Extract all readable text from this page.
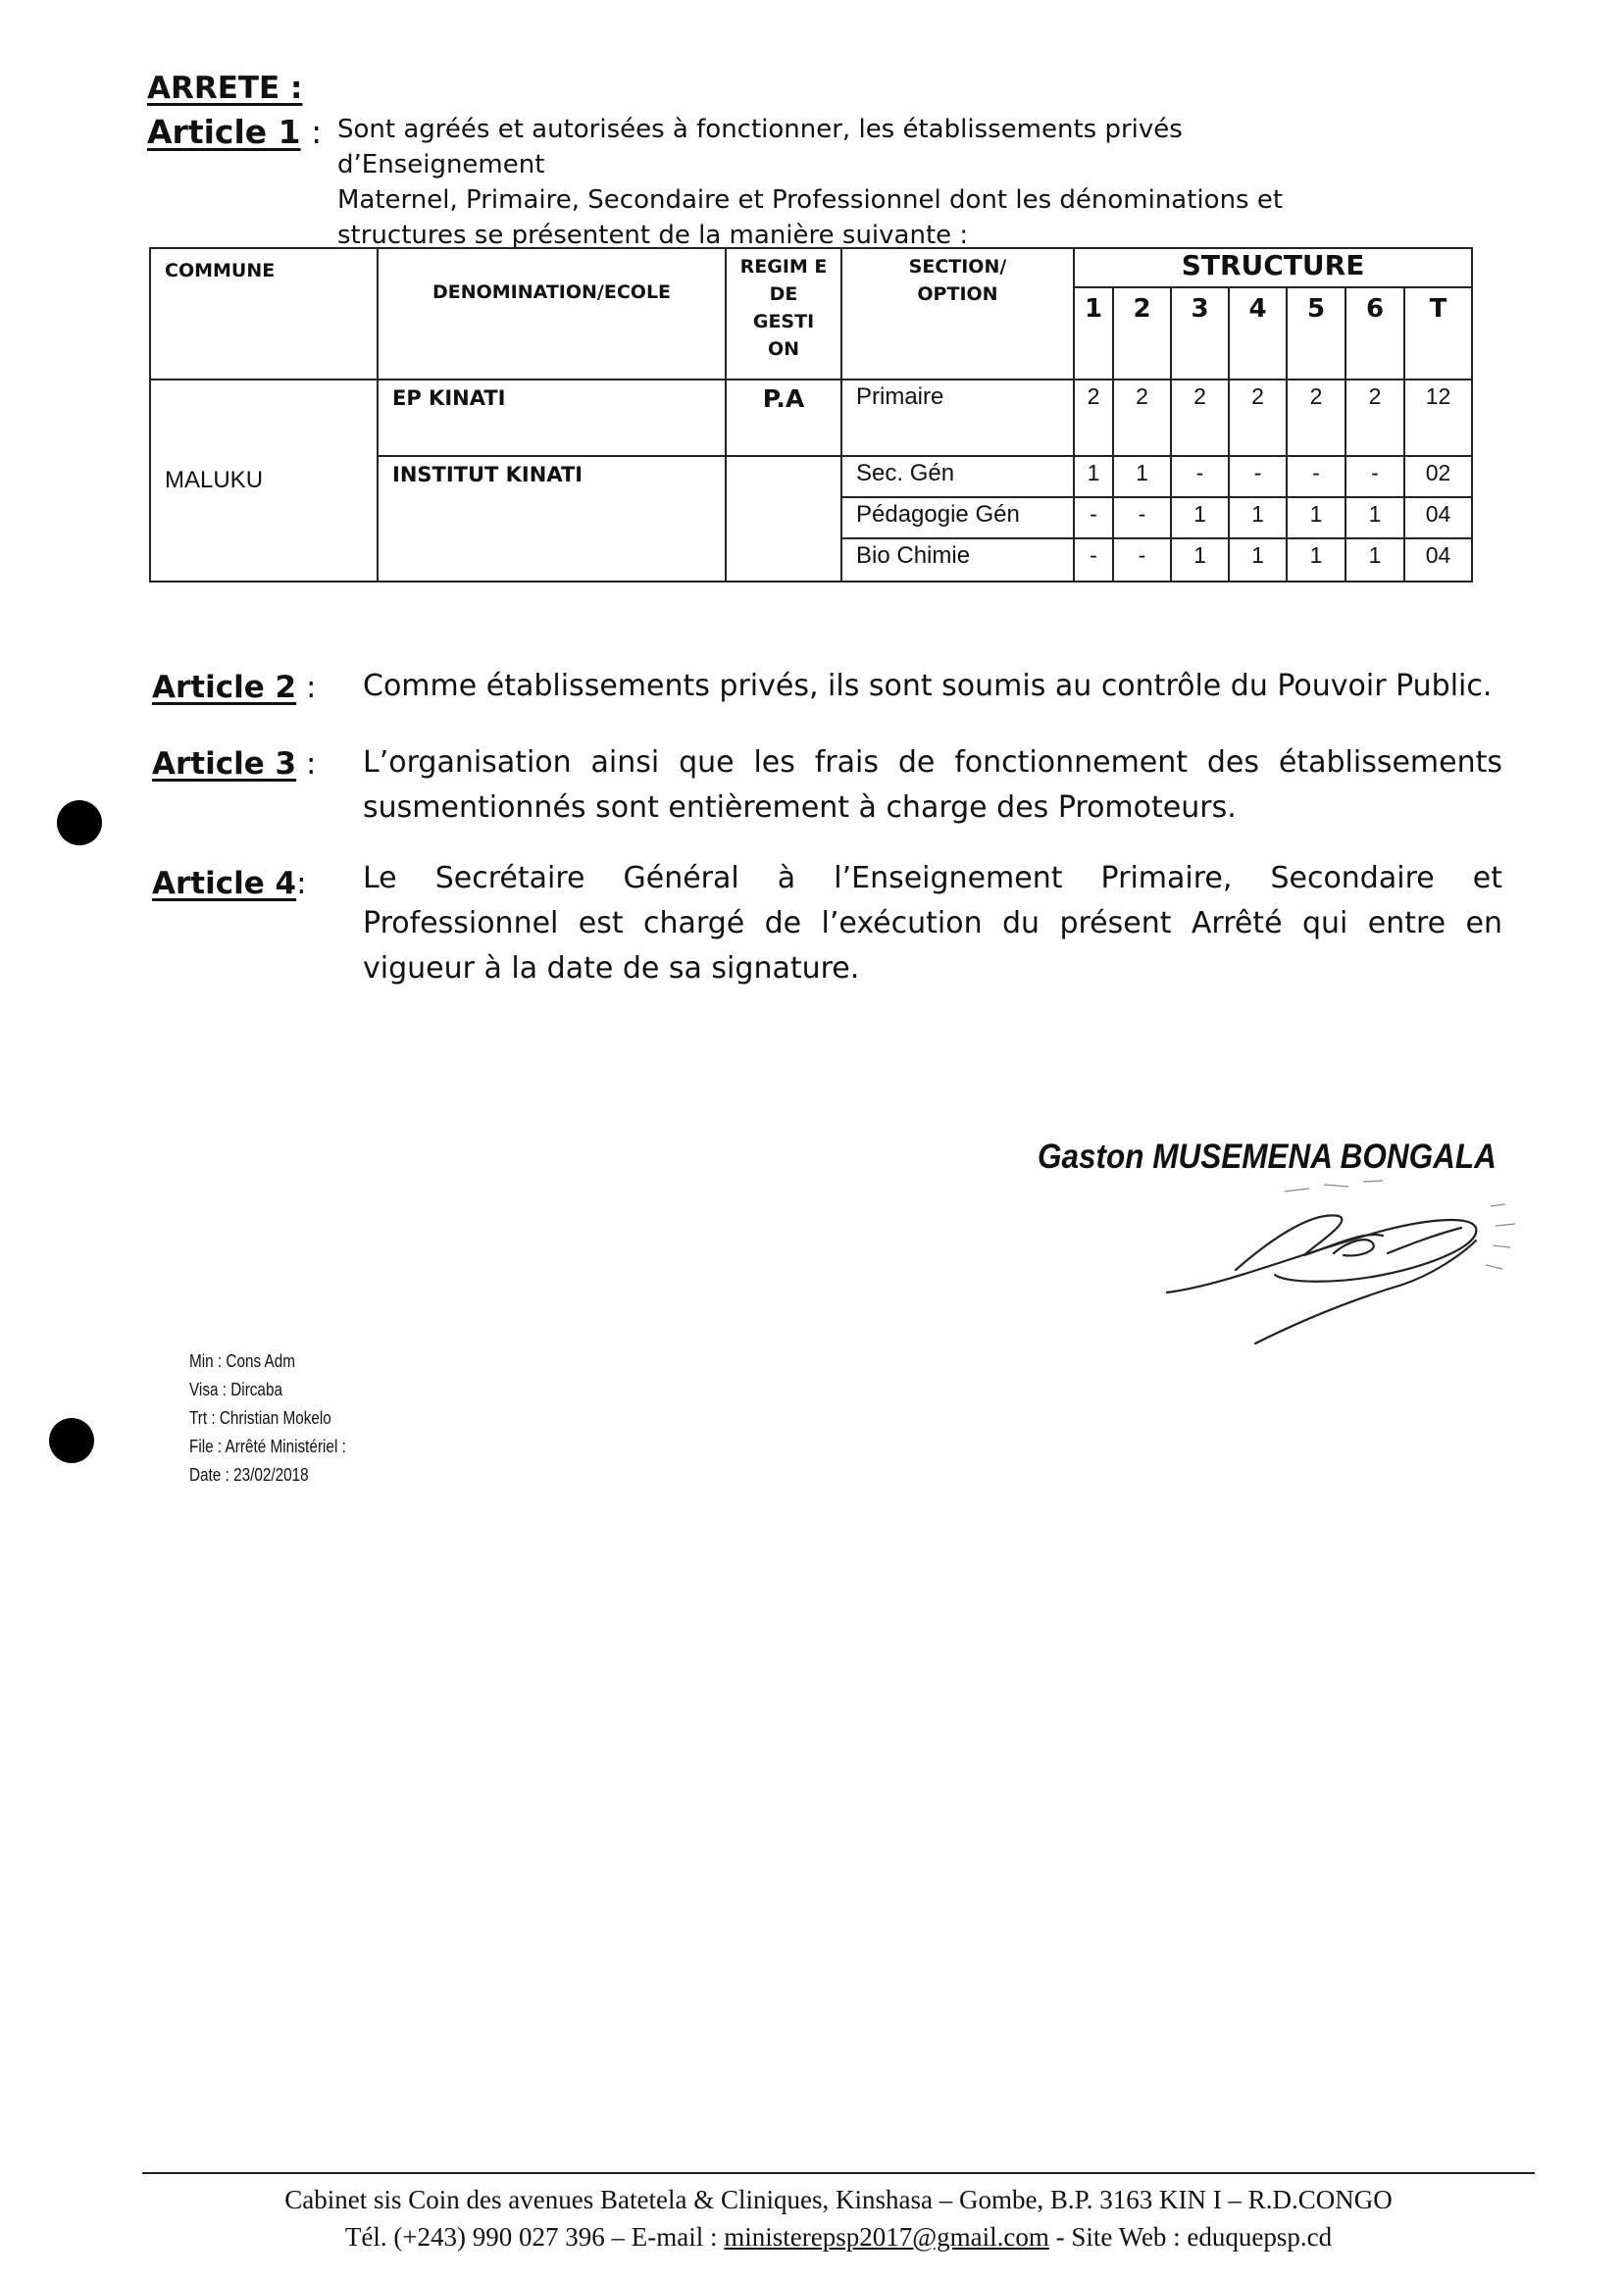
ARRETE :
Article 1 : Sont agréés et autorisées à fonctionner, les établissements privés d’Enseignement
Maternel, Primaire, Secondaire et Professionnel dont les dénominations et
structures se présentent de la manière suivante :
COMMUNE	DENOMINATION/ECOLE	REGIM E DE GESTI ON	SECTION/ OPTION	STRUCTURE						
				1	2	3	4	5	6	T
MALUKU	EP KINATI	P.A	Primaire	2	2	2	2	2	2	12
	INSTITUT KINATI		Sec. Gén	1	1	-	-	-	-	02
			Pédagogie Gén	-	-	1	1	1	1	04
			Bio Chimie	-	-	1	1	1	1	04
Article 2 : Comme établissements privés, ils sont soumis au contrôle du Pouvoir Public.
Article 3 : L’organisation ainsi que les frais de fonctionnement des établissements susmentionnés sont entièrement à charge des Promoteurs.
Article 4: Le Secrétaire Général à l’Enseignement Primaire, Secondaire et Professionnel est chargé de l’exécution du présent Arrêté qui entre en vigueur à la date de sa signature.
Gaston MUSEMENA BONGALA
Min : Cons Adm
Visa : Dircaba
Trt : Christian Mokelo
File : Arrêté Ministériel :
Date : 23/02/2018
Cabinet sis Coin des avenues Batetela & Cliniques, Kinshasa – Gombe, B.P. 3163 KIN I – R.D.CONGO
Tél. (+243) 990 027 396 – E-mail : ministerepsp2017@gmail.com - Site Web : eduquepsp.cd
